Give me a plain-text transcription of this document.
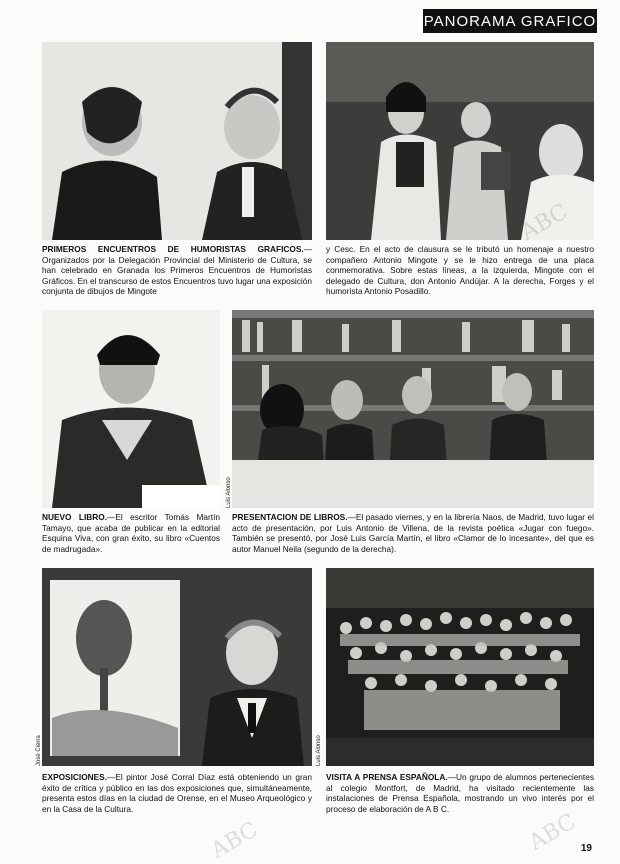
PANORAMA GRAFICO
PRIMEROS ENCUENTROS DE HUMORISTAS GRAFICOS.—Organizados por la Delegación Provincial del Ministerio de Cultura, se han celebrado en Granada los Primeros Encuentros de Humoristas Gráficos. En el transcurso de estos Encuentros tuvo lugar una exposición conjunta de dibujos de Mingote
y Cesc. En el acto de clausura se le tributó un homenaje a nuestro compañero Antonio Mingote y se le hizo entrega de una placa conmemorativa. Sobre estas líneas, a la izquierda, Mingote con el delegado de Cultura, don Antonio Andújar. A la derecha, Forges y el humorista Antonio Posadillo.
Luis Alonso
NUEVO LIBRO.—El escritor Tomás Martín Tamayo, que acaba de publicar en la editorial Esquina Viva, con gran éxito, su libro «Cuentos de madrugada».
PRESENTACION DE LIBROS.—El pasado viernes, y en la librería Naos, de Madrid, tuvo lugar el acto de presentación, por Luis Antonio de Villena, de la revista poética «Jugar con fuego». También se presentó, por José Luis García Martín, el libro «Clamor de lo incesante», del que es autor Manuel Neila (segundo de la derecha).
José Cierra	Luis Alonso
EXPOSICIONES.—El pintor José Corral Díaz está obteniendo un gran éxito de crítica y público en las dos exposiciones que, simultáneamente, presenta estos días en la ciudad de Orense, en el Museo Arqueológico y en la Casa de la Cultura.
VISITA A PRENSA ESPAÑOLA.—Un grupo de alumnos pertenecientes al colegio Montfort, de Madrid, ha visitado recientemente las instalaciones de Prensa Española, mostrando un vivo interés por el proceso de elaboración de A B C.
ABC	ABC 19
